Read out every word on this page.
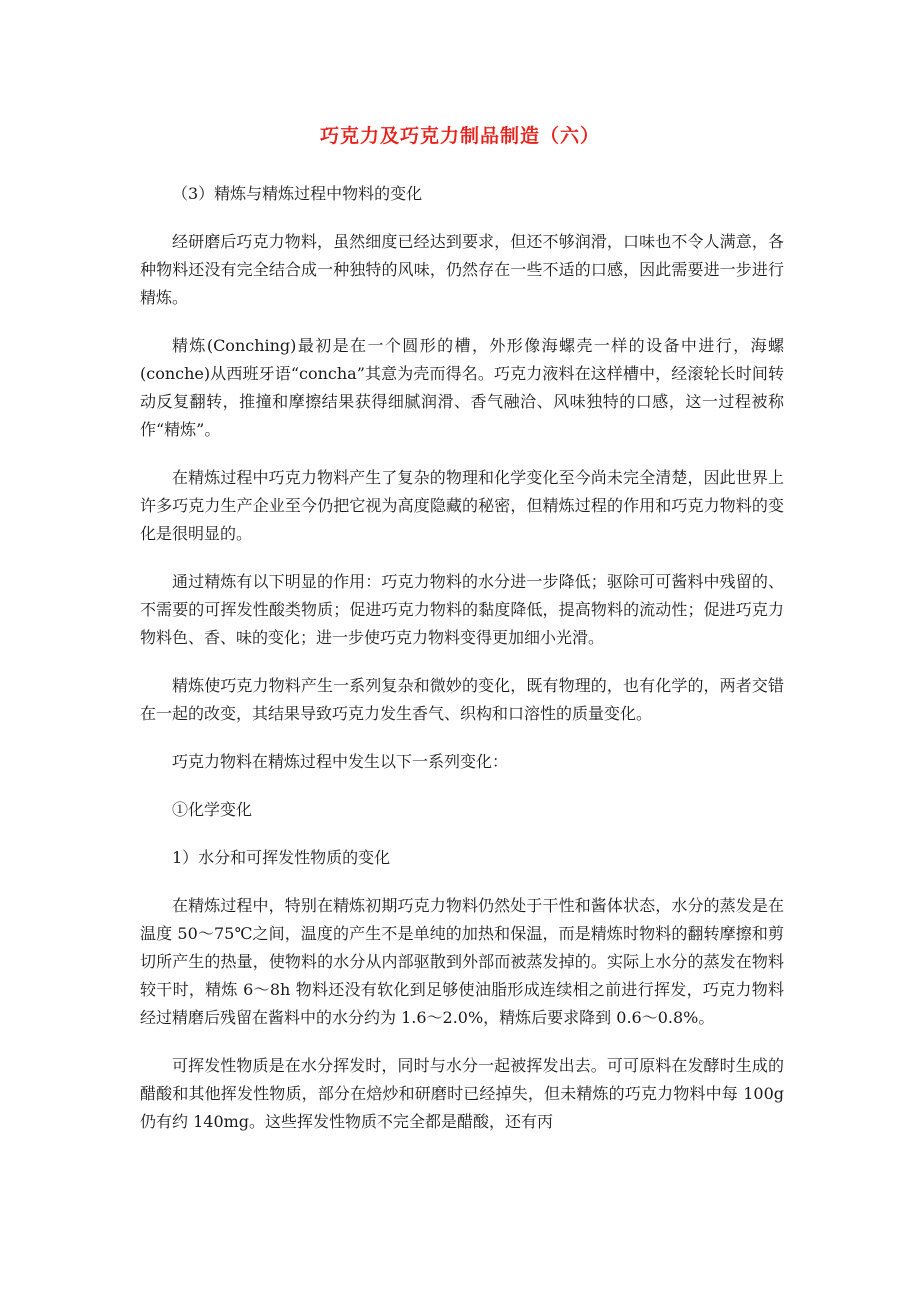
巧克力及巧克力制品制造（六）

（3）精炼与精炼过程中物料的变化

经研磨后巧克力物料，虽然细度已经达到要求，但还不够润滑，口味也不令人满意，各种物料还没有完全结合成一种独特的风味，仍然存在一些不适的口感，因此需要进一步进行精炼。

精炼(Conching)最初是在一个圆形的槽，外形像海螺壳一样的设备中进行，海螺(conche)从西班牙语“concha”其意为壳而得名。巧克力液料在这样槽中，经滚轮长时间转动反复翻转，推撞和摩擦结果获得细腻润滑、香气融洽、风味独特的口感，这一过程被称作“精炼”。

在精炼过程中巧克力物料产生了复杂的物理和化学变化至今尚未完全清楚，因此世界上许多巧克力生产企业至今仍把它视为高度隐藏的秘密，但精炼过程的作用和巧克力物料的变化是很明显的。

通过精炼有以下明显的作用：巧克力物料的水分进一步降低；驱除可可酱料中残留的、不需要的可挥发性酸类物质；促进巧克力物料的黏度降低，提高物料的流动性；促进巧克力物料色、香、味的变化；进一步使巧克力物料变得更加细小光滑。

精炼使巧克力物料产生一系列复杂和微妙的变化，既有物理的，也有化学的，两者交错在一起的改变，其结果导致巧克力发生香气、织构和口溶性的质量变化。

巧克力物料在精炼过程中发生以下一系列变化：

①化学变化

1）水分和可挥发性物质的变化

在精炼过程中，特别在精炼初期巧克力物料仍然处于干性和酱体状态，水分的蒸发是在温度 50～75℃之间，温度的产生不是单纯的加热和保温，而是精炼时物料的翻转摩擦和剪切所产生的热量，使物料的水分从内部驱散到外部而被蒸发掉的。实际上水分的蒸发在物料较干时，精炼 6～8h 物料还没有软化到足够使油脂形成连续相之前进行挥发，巧克力物料经过精磨后残留在酱料中的水分约为 1.6～2.0%，精炼后要求降到 0.6～0.8%。

可挥发性物质是在水分挥发时，同时与水分一起被挥发出去。可可原料在发酵时生成的醋酸和其他挥发性物质，部分在焙炒和研磨时已经掉失，但未精炼的巧克力物料中每 100g 仍有约 140mg。这些挥发性物质不完全都是醋酸，还有丙
